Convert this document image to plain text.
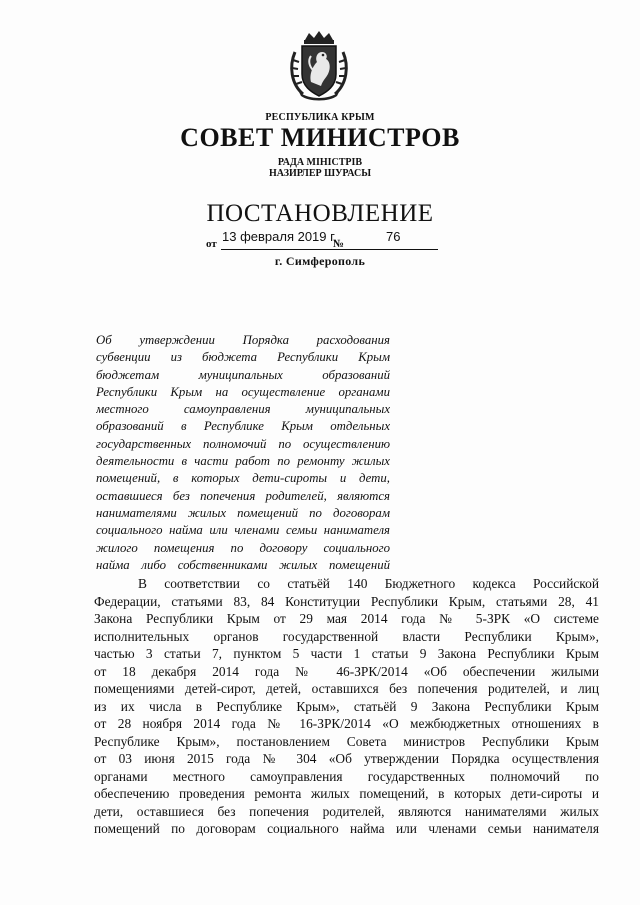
РЕСПУБЛИКА КРЫМ
СОВЕТ МИНИСТРОВ
РАДА МІНІСТРІВ
НАЗИРЛЕР ШУРАСЫ
ПОСТАНОВЛЕНИЕ
от 13 февраля 2019 г.
№	76
г. Симферополь
Об утверждении Порядка расходования
субвенции из бюджета Республики Крым
бюджетам муниципальных образований
Республики Крым на осуществление органами
местного самоуправления муниципальных
образований в Республике Крым отдельных
государственных полномочий по осуществлению
деятельности в части работ по ремонту жилых
помещений, в которых дети-сироты и дети,
оставшиеся без попечения родителей, являются
нанимателями жилых помещений по договорам
социального найма или членами семьи нанимателя
жилого помещения по договору социального
найма либо собственниками жилых помещений
В соответствии со статьёй 140 Бюджетного кодекса Российской
Федерации, статьями 83, 84 Конституции Республики Крым, статьями 28, 41
Закона Республики Крым от 29 мая 2014 года № 5-ЗРК «О системе
исполнительных органов государственной власти Республики Крым»,
частью 3 статьи 7, пунктом 5 части 1 статьи 9 Закона Республики Крым
от 18 декабря 2014 года № 46-ЗРК/2014 «Об обеспечении жилыми
помещениями детей-сирот, детей, оставшихся без попечения родителей, и лиц
из их числа в Республике Крым», статьёй 9 Закона Республики Крым
от 28 ноября 2014 года № 16-ЗРК/2014 «О межбюджетных отношениях в
Республике Крым», постановлением Совета министров Республики Крым
от 03 июня 2015 года № 304 «Об утверждении Порядка осуществления
органами местного самоуправления государственных полномочий по
обеспечению проведения ремонта жилых помещений, в которых дети-сироты и
дети, оставшиеся без попечения родителей, являются нанимателями жилых
помещений по договорам социального найма или членами семьи нанимателя
